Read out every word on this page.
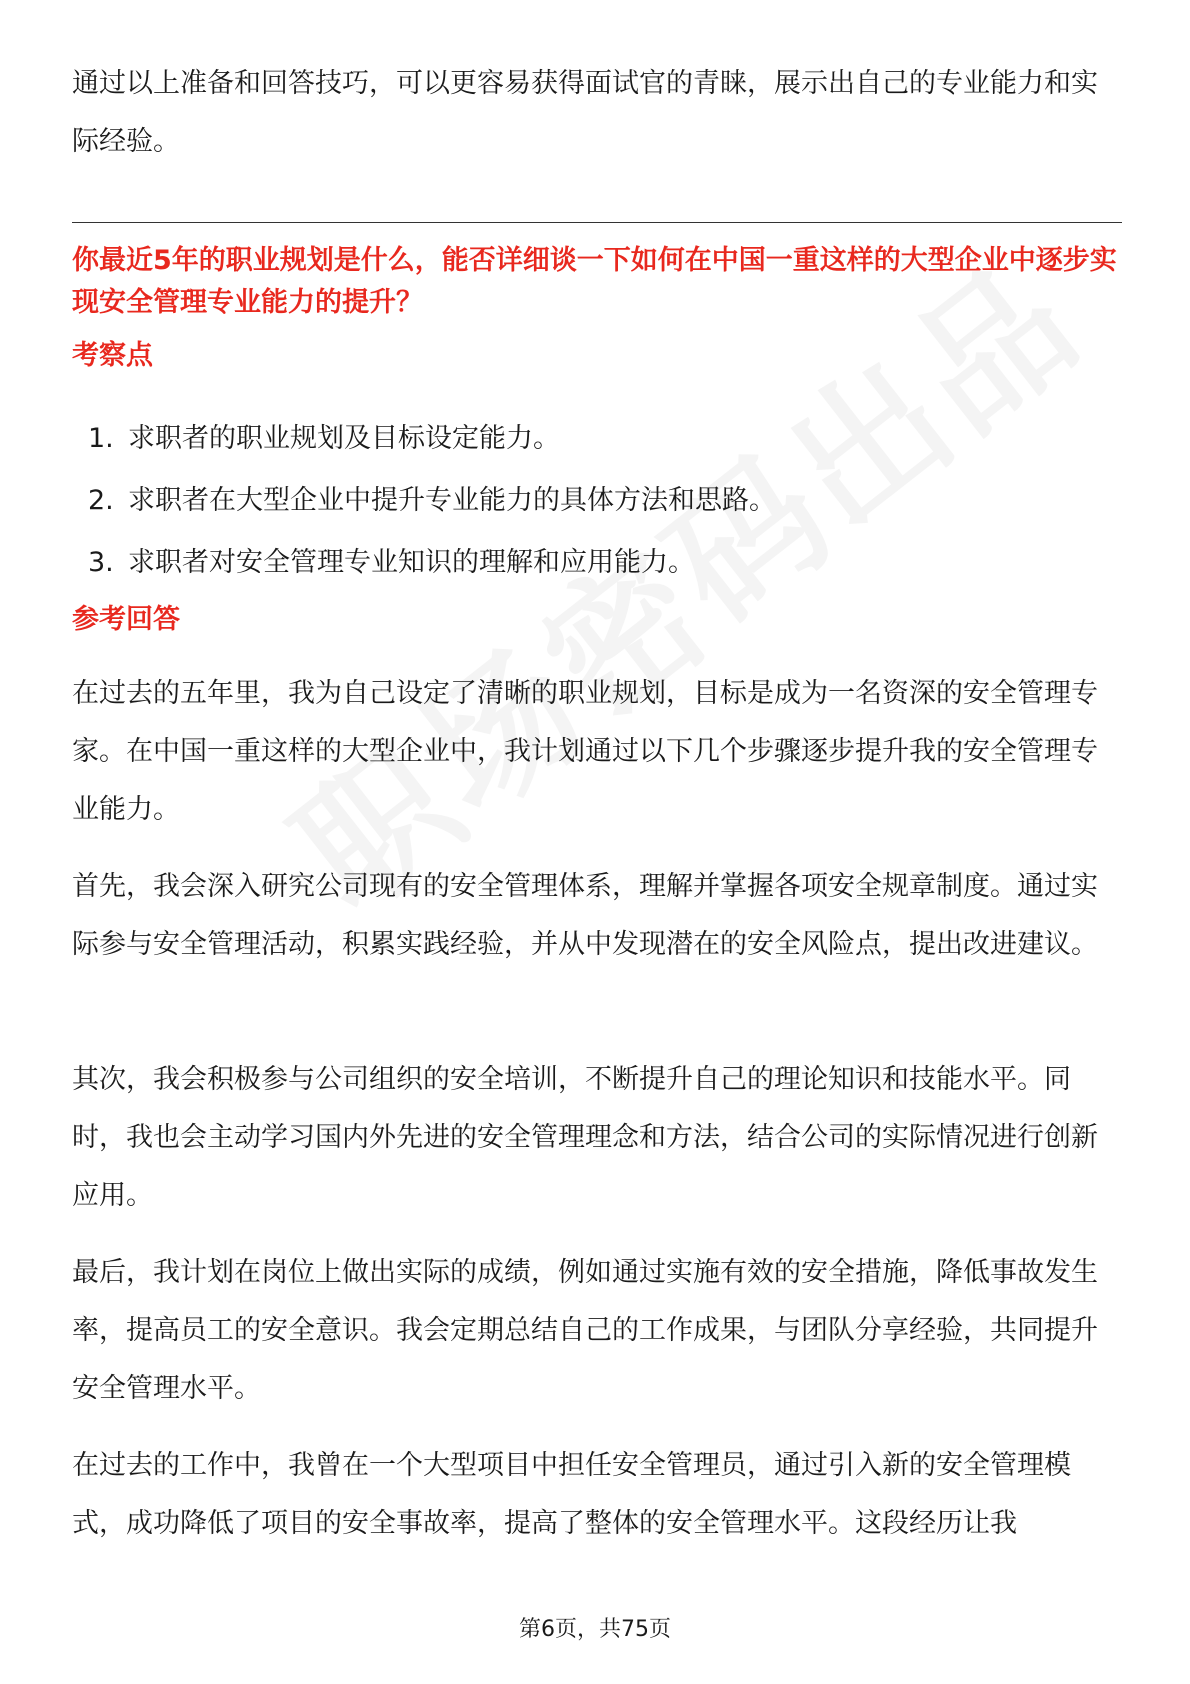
通过以上准备和回答技巧，可以更容易获得面试官的青睐，展示出自己的专业能力和实际经验。

你最近5年的职业规划是什么，能否详细谈一下如何在中国一重这样的大型企业中逐步实现安全管理专业能力的提升？

考察点

1. 求职者的职业规划及目标设定能力。
2. 求职者在大型企业中提升专业能力的具体方法和思路。
3. 求职者对安全管理专业知识的理解和应用能力。

参考回答

在过去的五年里，我为自己设定了清晰的职业规划，目标是成为一名资深的安全管理专家。在中国一重这样的大型企业中，我计划通过以下几个步骤逐步提升我的安全管理专业能力。

首先，我会深入研究公司现有的安全管理体系，理解并掌握各项安全规章制度。通过实际参与安全管理活动，积累实践经验，并从中发现潜在的安全风险点，提出改进建议。

其次，我会积极参与公司组织的安全培训，不断提升自己的理论知识和技能水平。同时，我也会主动学习国内外先进的安全管理理念和方法，结合公司的实际情况进行创新应用。

最后，我计划在岗位上做出实际的成绩，例如通过实施有效的安全措施，降低事故发生率，提高员工的安全意识。我会定期总结自己的工作成果，与团队分享经验，共同提升安全管理水平。

在过去的工作中，我曾在一个大型项目中担任安全管理员，通过引入新的安全管理模式，成功降低了项目的安全事故率，提高了整体的安全管理水平。这段经历让我

第6页，共75页
